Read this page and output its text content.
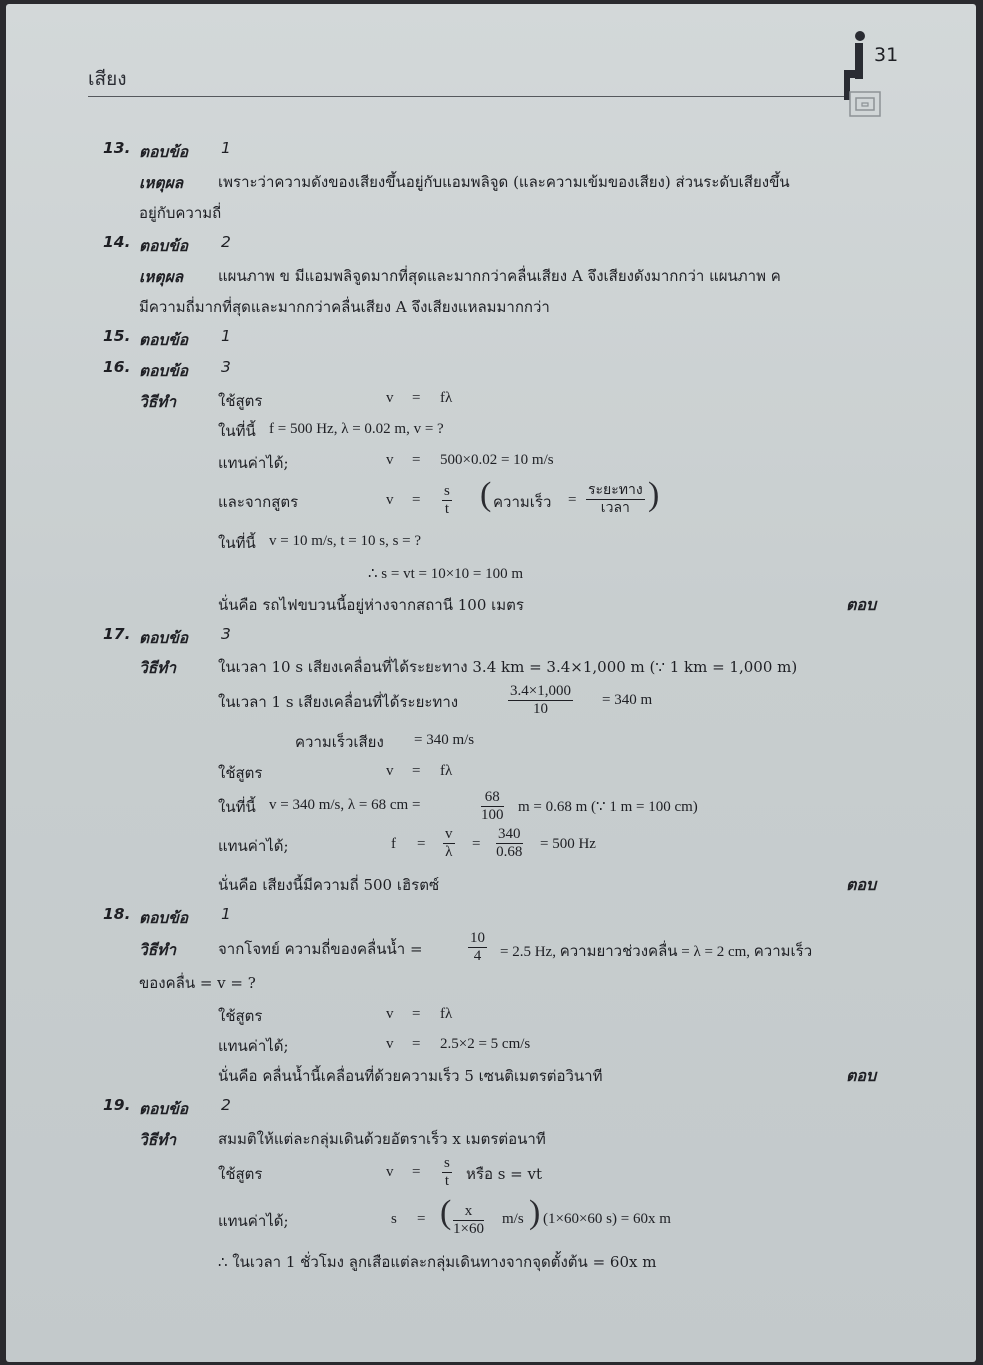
เสียง
31
13. ตอบข้อ 1
เหตุผล เพราะว่าความดังของเสียงขึ้นอยู่กับแอมพลิจูด (และความเข้มของเสียง) ส่วนระดับเสียงขึ้น
อยู่กับความถี่
14. ตอบข้อ 2
เหตุผล แผนภาพ ข มีแอมพลิจูดมากที่สุดและมากกว่าคลื่นเสียง A จึงเสียงดังมากกว่า แผนภาพ ค
มีความถี่มากที่สุดและมากกว่าคลื่นเสียง A จึงเสียงแหลมมากกว่า
15. ตอบข้อ 1
16. ตอบข้อ 3
วิธีทำ	ใช้สูตร	v = fλ
ในที่นี้ f = 500 Hz, λ = 0.02 m, v = ?
แทนค่าได้;	v = 500×0.02 = 10 m/s
และจากสูตร	$v = \frac{s}{t}$ ( ความเร็ว =
ระยะทาง
เวลา )
ในที่นี้ v = 10 m/s, t = 10 s, s = ?
∴ s = vt = 10×10 = 100 m
นั่นคือ รถไฟขบวนนี้อยู่ห่างจากสถานี 100 เมตร	ตอบ
17. ตอบข้อ 3
วิธีทำ	ในเวลา 10 s เสียงเคลื่อนที่ได้ระยะทาง 3.4 km = 3.4×1,000 m (∵ 1 km = 1,000 m)
ในเวลา 1 s เสียงเคลื่อนที่ได้ระยะทาง	$\frac{3.4\times 1,000}{10} = 340$ m
ความเร็วเสียง = 340 m/s
ใช้สูตร	v = fλ
ในที่นี้ v = 340 m/s, λ = 68 cm =	$\frac{68}{100}$ m = 0.68 m (∵ 1 m = 100 cm)
แทนค่าได้;	$f = \frac{v}{\lambda} = \frac{340}{0.68} = 500$ Hz
นั่นคือ เสียงนี้มีความถี่ 500 เฮิรตซ์	ตอบ
18. ตอบข้อ 1
วิธีทำ	จากโจทย์ ความถี่ของคลื่นน้ำ =	$\frac{10}{4} = 2.5$ Hz, ความยาวช่วงคลื่น = λ = 2 cm, ความเร็ว
ของคลื่น = v = ?
ใช้สูตร	v = fλ
แทนค่าได้;	v = 2.5×2 = 5 cm/s
นั่นคือ คลื่นน้ำนี้เคลื่อนที่ด้วยความเร็ว 5 เซนติเมตรต่อวินาที	ตอบ
19. ตอบข้อ 2
วิธีทำ	สมมติให้แต่ละกลุ่มเดินด้วยอัตราเร็ว x เมตรต่อนาที
ใช้สูตร	$v = \frac{s}{t}$ หรือ s = vt
แทนค่าได้;	s = ( $\frac{x}{1\times 60} m/s$ ) (1×60×60 s) = 60x m
∴ ในเวลา 1 ชั่วโมง ลูกเสือแต่ละกลุ่มเดินทางจากจุดตั้งต้น = 60x m
